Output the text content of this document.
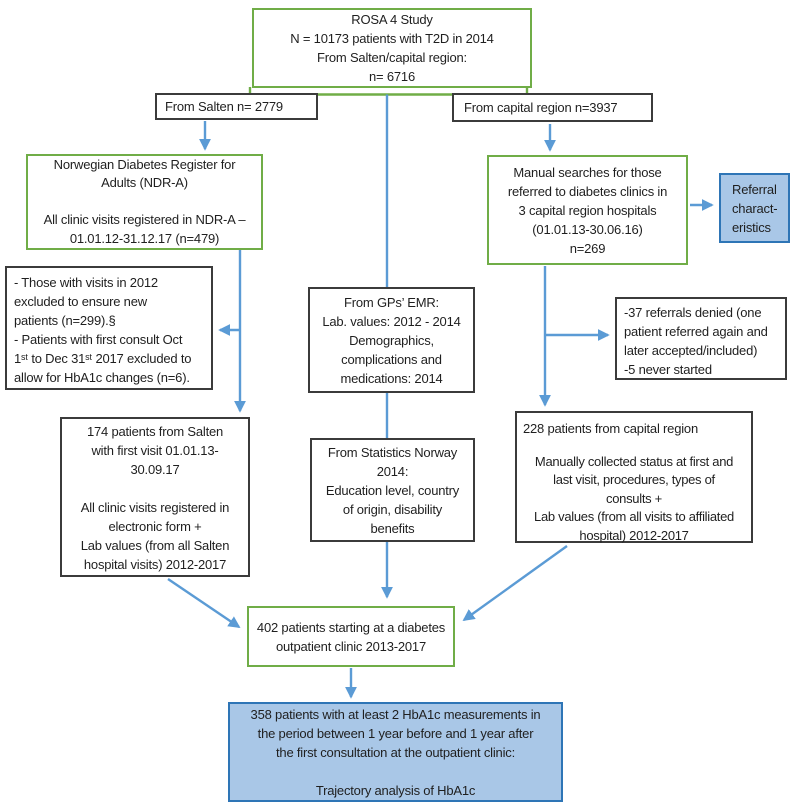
ROSA 4 Study
N = 10173 patients with T2D in 2014
From Salten/capital region:
n= 6716
From Salten n= 2779	From capital region n=3937
Norwegian Diabetes Register for
Adults (NDR-A)

All clinic visits registered in NDR-A –
01.01.12-31.12.17 (n=479)
Manual searches for those
referred to diabetes clinics in
3 capital region hospitals
(01.01.13-30.06.16)
n=269
Referral
charact-
eristics
- Those with visits in 2012
excluded to ensure new
patients (n=299).§
- Patients with first consult Oct
1ˢᵗ to Dec 31ˢᵗ 2017 excluded to
allow for HbA1c changes (n=6).
From GPs’ EMR:
Lab. values: 2012 - 2014
Demographics,
complications and
medications: 2014
-37 referrals denied (one
patient referred again and
later accepted/included)
-5 never started
174 patients from Salten
with first visit 01.01.13-
30.09.17

All clinic visits registered in
electronic form +
Lab values (from all Salten
hospital visits) 2012-2017
From Statistics Norway
2014:
Education level, country
of origin, disability
benefits
228 patients from capital region
Manually collected status at first and
last visit, procedures, types of
consults +
Lab values (from all visits to affiliated
hospital) 2012-2017
402 patients starting at a diabetes
outpatient clinic 2013-2017
358 patients with at least 2 HbA1c measurements in
the period between 1 year before and 1 year after
the first consultation at the outpatient clinic:

Trajectory analysis of HbA1c
